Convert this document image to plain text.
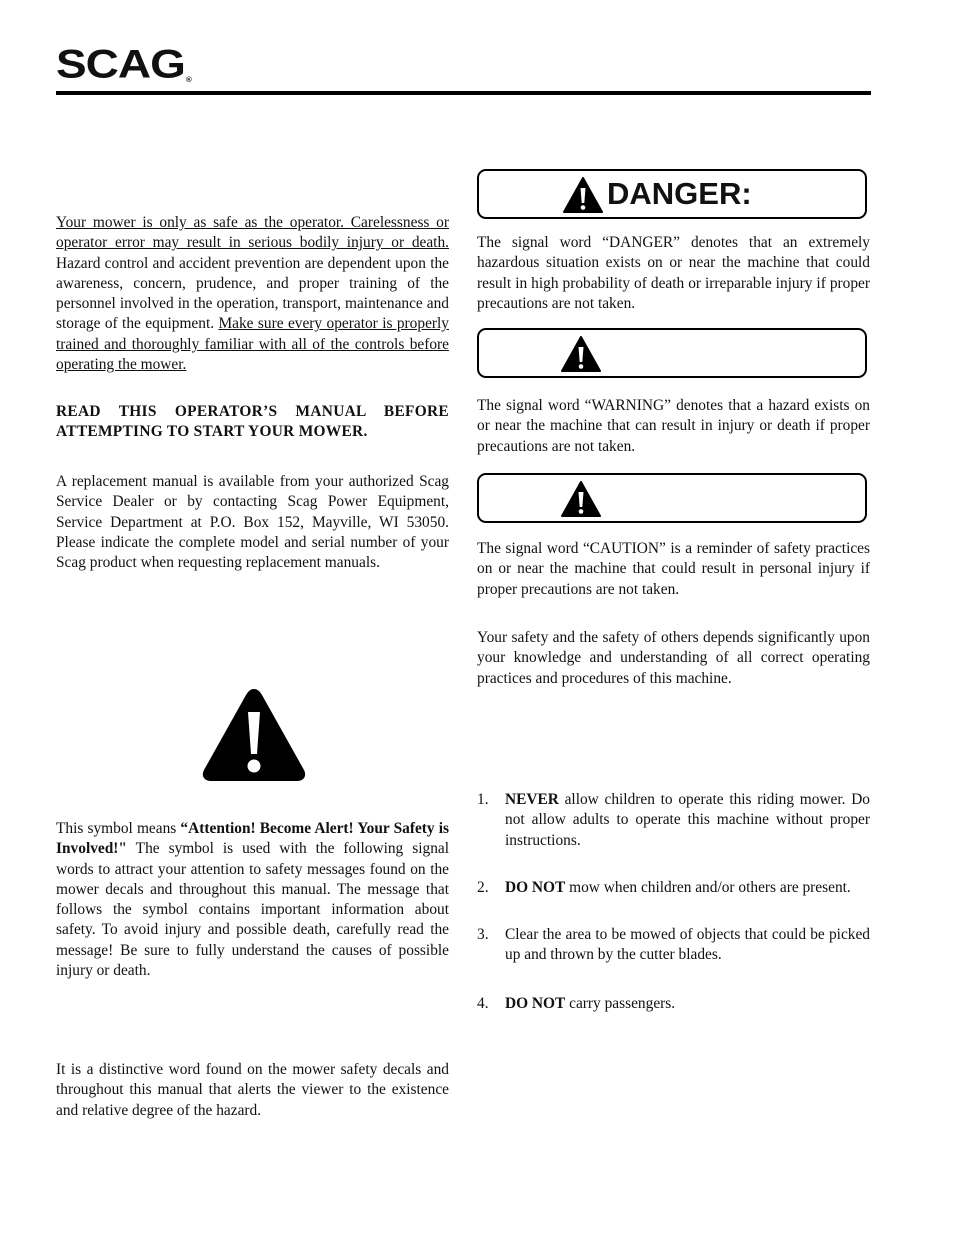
SCAG®

Your mower is only as safe as the operator. Carelessness or operator error may result in serious bodily injury or death. Hazard control and accident prevention are dependent upon the awareness, concern, prudence, and proper training of the personnel involved in the operation, transport, maintenance and storage of the equipment. Make sure every operator is properly trained and thoroughly familiar with all of the controls before operating the mower.

READ THIS OPERATOR’S MANUAL BEFORE ATTEMPTING TO START YOUR MOWER.

A replacement manual is available from your authorized Scag Service Dealer or by contacting Scag Power Equipment, Service Department at P.O. Box 152, Mayville, WI 53050. Please indicate the complete model and serial number of your Scag product when requesting replacement manuals.

This symbol means “Attention! Become Alert! Your Safety is Involved!" The symbol is used with the following signal words to attract your attention to safety messages found on the mower decals and throughout this manual. The message that follows the symbol contains important information about safety. To avoid injury and possible death, carefully read the message! Be sure to fully understand the causes of possible injury or death.

It is a distinctive word found on the mower safety decals and throughout this manual that alerts the viewer to the existence and relative degree of the hazard.

DANGER:

The signal word “DANGER” denotes that an extremely hazardous situation exists on or near the machine that could result in high probability of death or irreparable injury if proper precautions are not taken.

The signal word “WARNING” denotes that a hazard exists on or near the machine that can result in injury or death if proper precautions are not taken.

The signal word “CAUTION” is a reminder of safety practices on or near the machine that could result in personal injury if proper precautions are not taken.

Your safety and the safety of others depends significantly upon your knowledge and understanding of all correct operating practices and procedures of this machine.

1. NEVER allow children to operate this riding mower. Do not allow adults to operate this machine without proper instructions.
2. DO NOT mow when children and/or others are present.
3. Clear the area to be mowed of objects that could be picked up and thrown by the cutter blades.
4. DO NOT carry passengers.
